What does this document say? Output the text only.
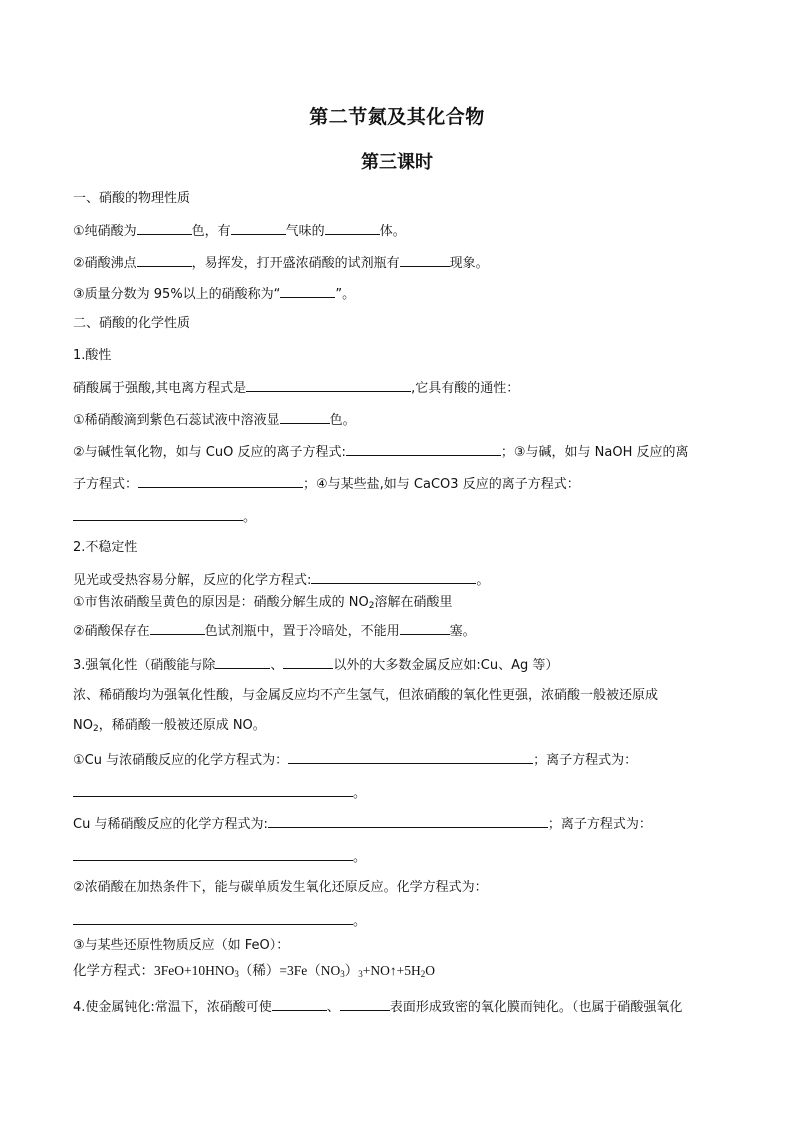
第二节氮及其化合物
第三课时
一、硝酸的物理性质
①纯硝酸为	色，有	气味的	体。
②硝酸沸点	，易挥发，打开盛浓硝酸的试剂瓶有	现象。
③质量分数为 95%以上的硝酸称为“	”。
二、硝酸的化学性质
1.酸性
硝酸属于强酸,其电离方程式是	,它具有酸的通性：
①稀硝酸滴到紫色石蕊试液中溶液显	色。
②与碱性氧化物，如与 CuO 反应的离子方程式:	；③与碱，如与 NaOH 反应的离
子方程式：	；④与某些盐,如与 CaCO3 反应的离子方程式：
。
2.不稳定性
见光或受热容易分解，反应的化学方程式:	。
①市售浓硝酸呈黄色的原因是：硝酸分解生成的 $NO_2$溶解在硝酸里
②硝酸保存在	色试剂瓶中，置于冷暗处，不能用	塞。
3.强氧化性（硝酸能与除	、	以外的大多数金属反应如:Cu、Ag 等）
浓、稀硝酸均为强氧化性酸，与金属反应均不产生氢气，但浓硝酸的氧化性更强，浓硝酸一般被还原成
$NO_2$，稀硝酸一般被还原成 NO。
①Cu 与浓硝酸反应的化学方程式为：	；离子方程式为：
。
Cu 与稀硝酸反应的化学方程式为:	；离子方程式为：
。
②浓硝酸在加热条件下，能与碳单质发生氧化还原反应。化学方程式为：
。
③与某些还原性物质反应（如 FeO）：
化学方程式：$3FeO+10HNO_3$（稀）$=3Fe(NO_3)_3+NO↑+5H_2O$
4.使金属钝化:常温下，浓硝酸可使	、	表面形成致密的氧化膜而钝化。（也属于硝酸强氧化
